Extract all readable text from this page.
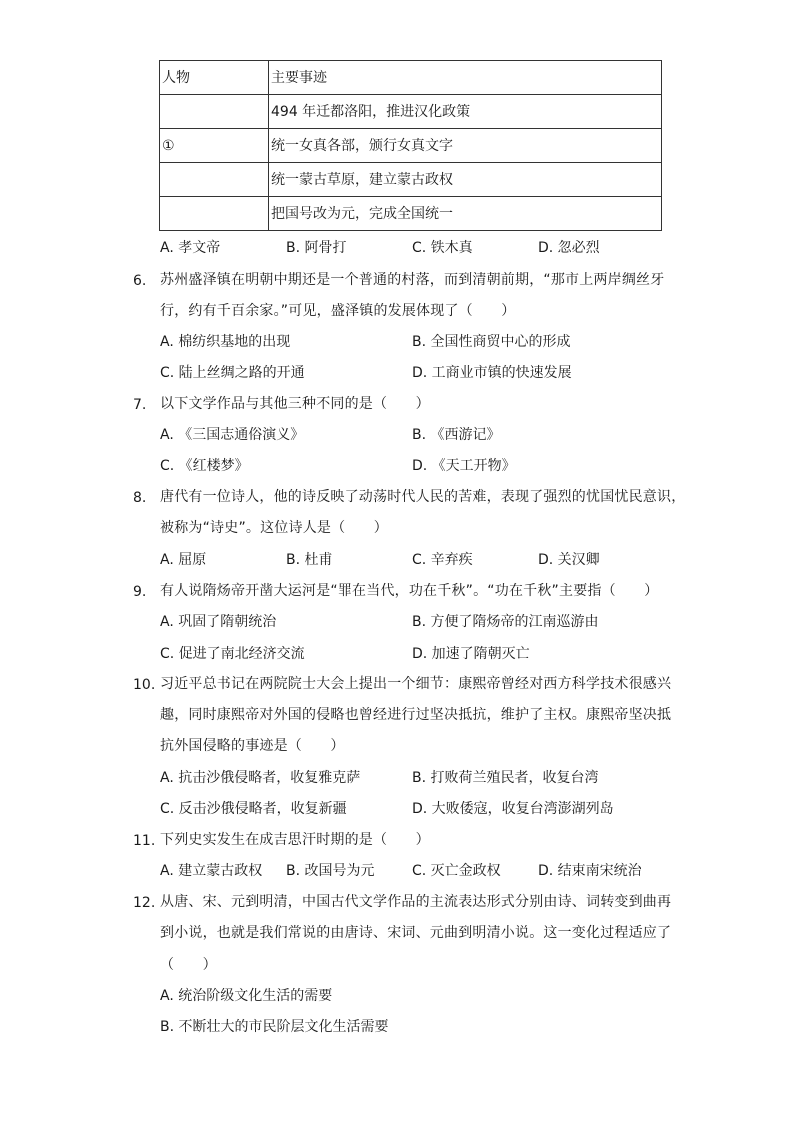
人物	主要事迹
	494 年迁都洛阳，推进汉化政策
①	统一女真各部，颁行女真文字
	统一蒙古草原，建立蒙古政权
	把国号改为元，完成全国统一
A. 孝文帝	B. 阿骨打	C. 铁木真	D. 忽必烈
6. 苏州盛泽镇在明朝中期还是一个普通的村落，而到清朝前期，“那市上两岸绸丝牙
行，约有千百余家。”可见，盛泽镇的发展体现了（　　）
A. 棉纺织基地的出现	B. 全国性商贸中心的形成
C. 陆上丝绸之路的开通	D. 工商业市镇的快速发展
7. 以下文学作品与其他三种不同的是（　　）
A. 《三国志通俗演义》	B. 《西游记》
C. 《红楼梦》	D. 《天工开物》
8. 唐代有一位诗人，他的诗反映了动荡时代人民的苦难，表现了强烈的忧国忧民意识，
被称为“诗史”。这位诗人是（　　）
A. 屈原	B. 杜甫	C. 辛弃疾	D. 关汉卿
9. 有人说隋炀帝开凿大运河是“罪在当代，功在千秋”。“功在千秋”主要指（　　）
A. 巩固了隋朝统治	B. 方便了隋炀帝的江南巡游由
C. 促进了南北经济交流	D. 加速了隋朝灭亡
10. 习近平总书记在两院院士大会上提出一个细节：康熙帝曾经对西方科学技术很感兴
趣，同时康熙帝对外国的侵略也曾经进行过坚决抵抗，维护了主权。康熙帝坚决抵
抗外国侵略的事迹是（　　）
A. 抗击沙俄侵略者，收复雅克萨	B. 打败荷兰殖民者，收复台湾
C. 反击沙俄侵略者，收复新疆	D. 大败倭寇，收复台湾澎湖列岛
11. 下列史实发生在成吉思汗时期的是（　　）
A. 建立蒙古政权 B. 改国号为元	C. 灭亡金政权	D. 结束南宋统治
12. 从唐、宋、元到明清，中国古代文学作品的主流表达形式分别由诗、词转变到曲再
到小说，也就是我们常说的由唐诗、宋词、元曲到明清小说。这一变化过程适应了
（　　）
A. 统治阶级文化生活的需要
B. 不断壮大的市民阶层文化生活需要
